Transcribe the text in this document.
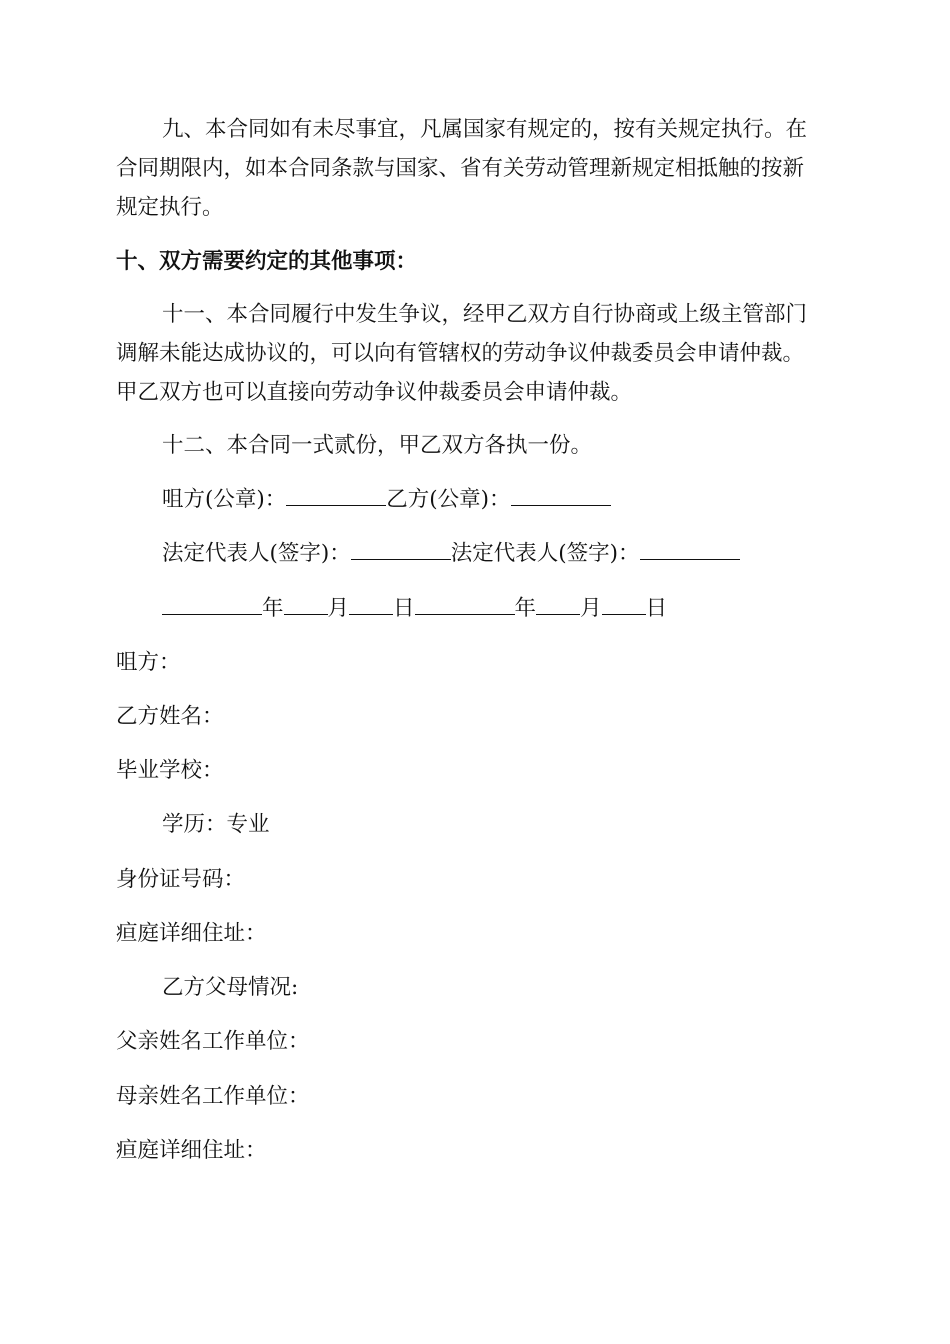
九、本合同如有未尽事宜，凡属国家有规定的，按有关规定执行。在
合同期限内，如本合同条款与国家、省有关劳动管理新规定相抵触的按新
规定执行。
十、双方需要约定的其他事项：
十一、本合同履行中发生争议，经甲乙双方自行协商或上级主管部门
调解未能达成协议的，可以向有管辖权的劳动争议仲裁委员会申请仲裁。
甲乙双方也可以直接向劳动争议仲裁委员会申请仲裁。
十二、本合同一式贰份，甲乙双方各执一份。
咀方(公章)：	乙方(公章)：
法定代表人(签字)：	法定代表人(签字)：
年 月 日	年 月 日
咀方：
乙方姓名：
毕业学校：
学历：专业
身份证号码：
疸庭详细住址：
乙方父母情况:
父亲姓名工作单位：
母亲姓名工作单位：
疸庭详细住址：
